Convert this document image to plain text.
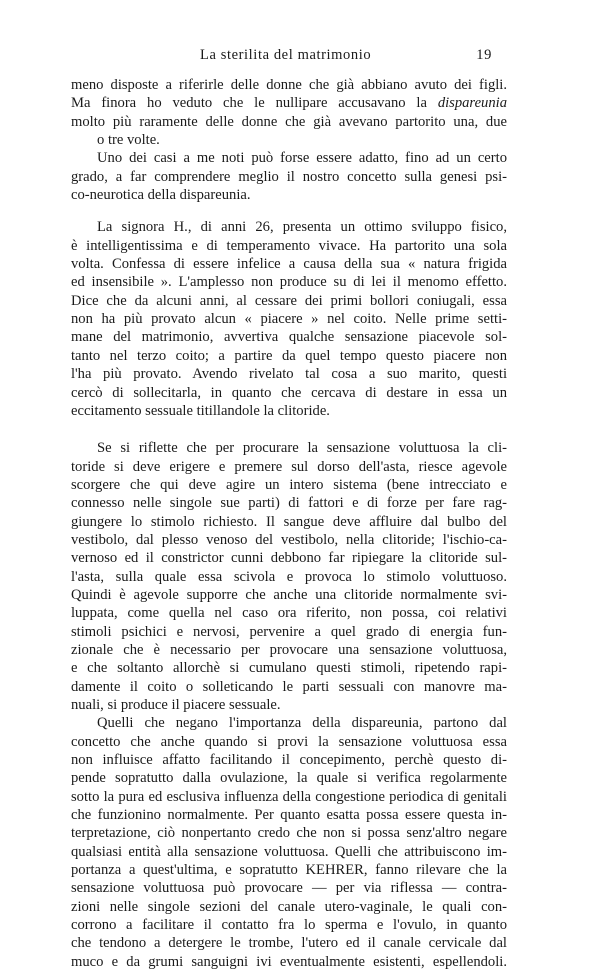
La sterilita del matrimonio	19
meno disposte a riferirle delle donne che già abbiano avuto dei figli.
Ma finora ho veduto che le nullipare accusavano la dispareunia
molto più raramente delle donne che già avevano partorito una, due
o tre volte.
Uno dei casi a me noti può forse essere adatto, fino ad un certo
grado, a far comprendere meglio il nostro concetto sulla genesi psi-
co-neurotica della dispareunia.
La signora H., di anni 26, presenta un ottimo sviluppo fisico,
è intelligentissima e di temperamento vivace. Ha partorito una sola
volta. Confessa di essere infelice a causa della sua « natura frigida
ed insensibile ». L'amplesso non produce su di lei il menomo effetto.
Dice che da alcuni anni, al cessare dei primi bollori coniugali, essa
non ha più provato alcun « piacere » nel coito. Nelle prime setti-
mane del matrimonio, avvertiva qualche sensazione piacevole sol-
tanto nel terzo coito; a partire da quel tempo questo piacere non
l'ha più provato. Avendo rivelato tal cosa a suo marito, questi
cercò di sollecitarla, in quanto che cercava di destare in essa un
eccitamento sessuale titillandole la clitoride.
Se si riflette che per procurare la sensazione voluttuosa la cli-
toride si deve erigere e premere sul dorso dell'asta, riesce agevole
scorgere che qui deve agire un intero sistema (bene intrecciato e
connesso nelle singole sue parti) di fattori e di forze per fare rag-
giungere lo stimolo richiesto. Il sangue deve affluire dal bulbo del
vestibolo, dal plesso venoso del vestibolo, nella clitoride; l'ischio-ca-
vernoso ed il constrictor cunni debbono far ripiegare la clitoride sul-
l'asta, sulla quale essa scivola e provoca lo stimolo voluttuoso.
Quindi è agevole supporre che anche una clitoride normalmente svi-
luppata, come quella nel caso ora riferito, non possa, coi relativi
stimoli psichici e nervosi, pervenire a quel grado di energia fun-
zionale che è necessario per provocare una sensazione voluttuosa,
e che soltanto allorchè si cumulano questi stimoli, ripetendo rapi-
damente il coito o solleticando le parti sessuali con manovre ma-
nuali, si produce il piacere sessuale.
Quelli che negano l'importanza della dispareunia, partono dal
concetto che anche quando si provi la sensazione voluttuosa essa
non influisce affatto facilitando il concepimento, perchè questo di-
pende sopratutto dalla ovulazione, la quale si verifica regolarmente
sotto la pura ed esclusiva influenza della congestione periodica di genitali
che funzionino normalmente. Per quanto esatta possa essere questa in-
terpretazione, ciò nonpertanto credo che non si possa senz'altro negare
qualsiasi entità alla sensazione voluttuosa. Quelli che attribuiscono im-
portanza a quest'ultima, e sopratutto KEHRER, fanno rilevare che la
sensazione voluttuosa può provocare — per via riflessa — contra-
zioni nelle singole sezioni del canale utero-vaginale, le quali con-
corrono a facilitare il contatto fra lo sperma e l'ovulo, in quanto
che tendono a detergere le trombe, l'utero ed il canale cervicale dal
muco e da grumi sanguigni ivi eventualmente esistenti, espellendoli.
